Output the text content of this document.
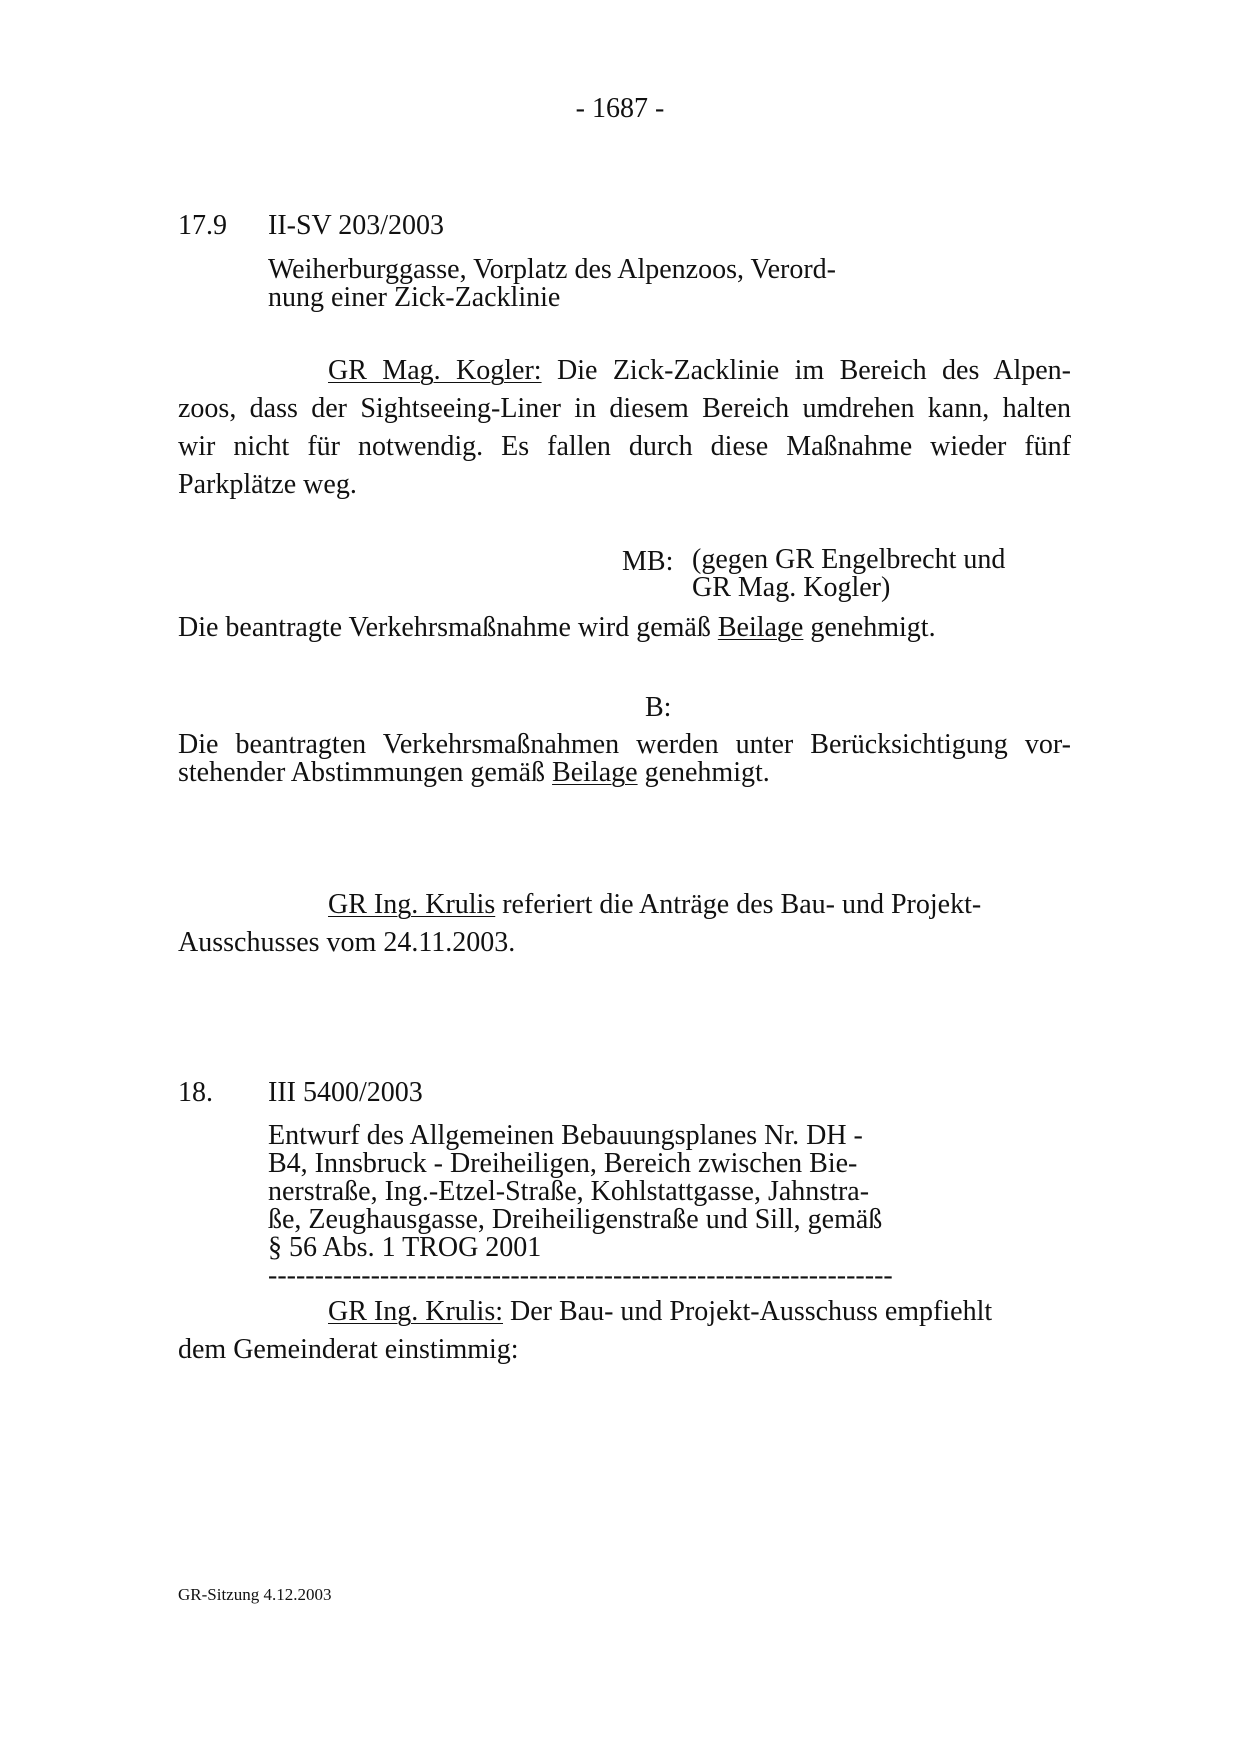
- 1687 -
17.9 II-SV 203/2003
Weiherburggasse, Vorplatz des Alpenzoos, Verord-
nung einer Zick-Zacklinie
GR Mag. Kogler: Die Zick-Zacklinie im Bereich des Alpen-
zoos, dass der Sightseeing-Liner in diesem Bereich umdrehen kann, halten
wir nicht für notwendig. Es fallen durch diese Maßnahme wieder fünf
Parkplätze weg.
MB: (gegen GR Engelbrecht und
GR Mag. Kogler)
Die beantragte Verkehrsmaßnahme wird gemäß Beilage genehmigt.
B:
Die beantragten Verkehrsmaßnahmen werden unter Berücksichtigung vor-
stehender Abstimmungen gemäß Beilage genehmigt.
GR Ing. Krulis referiert die Anträge des Bau- und Projekt-
Ausschusses vom 24.11.2003.
18. III 5400/2003
Entwurf des Allgemeinen Bebauungsplanes Nr. DH -
B4, Innsbruck - Dreiheiligen, Bereich zwischen Bie-
nerstraße, Ing.-Etzel-Straße, Kohlstattgasse, Jahnstra-
ße, Zeughausgasse, Dreiheiligenstraße und Sill, gemäß
§ 56 Abs. 1 TROG 2001
-------------------------------------------------------------------
GR Ing. Krulis: Der Bau- und Projekt-Ausschuss empfiehlt
dem Gemeinderat einstimmig:
GR-Sitzung 4.12.2003
